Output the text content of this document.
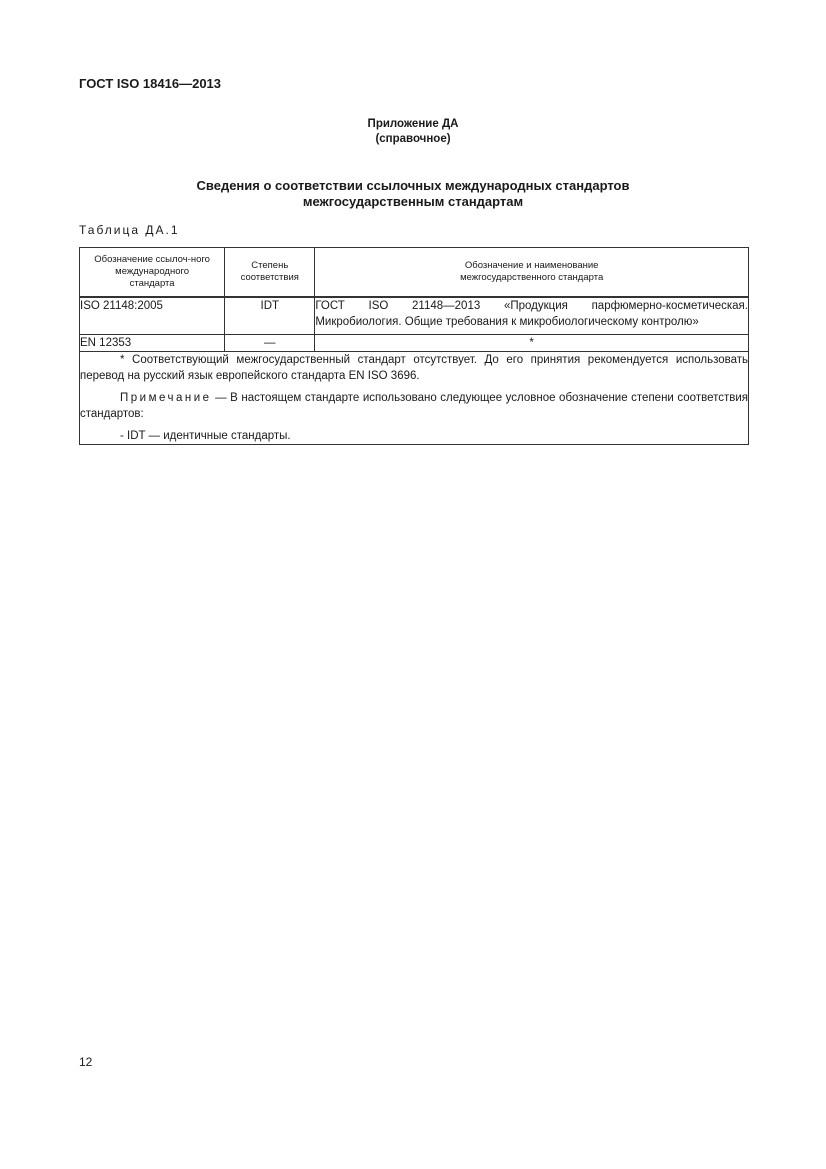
ГОСТ ISO 18416—2013
Приложение ДА
(справочное)
Сведения о соответствии ссылочных международных стандартов
межгосударственным стандартам
Таблица ДА.1
Обозначение ссылоч-ного международного стандарта	Степень соответствия	Обозначение и наименование межгосударственного стандарта
ISO 21148:2005	IDT	ГОСТ ISO 21148—2013 «Продукция парфюмерно-косметическая. Микробиология. Общие требования к микробиологическому контролю»
EN 12353	—	*

* Соответствующий межгосударственный стандарт отсутствует. До его принятия рекомендуется использовать перевод на русский язык европейского стандарта EN ISO 3696.

Примечание — В настоящем стандарте использовано следующее условное обозначение степени соответствия стандартов:

- IDT — идентичные стандарты.		

12
